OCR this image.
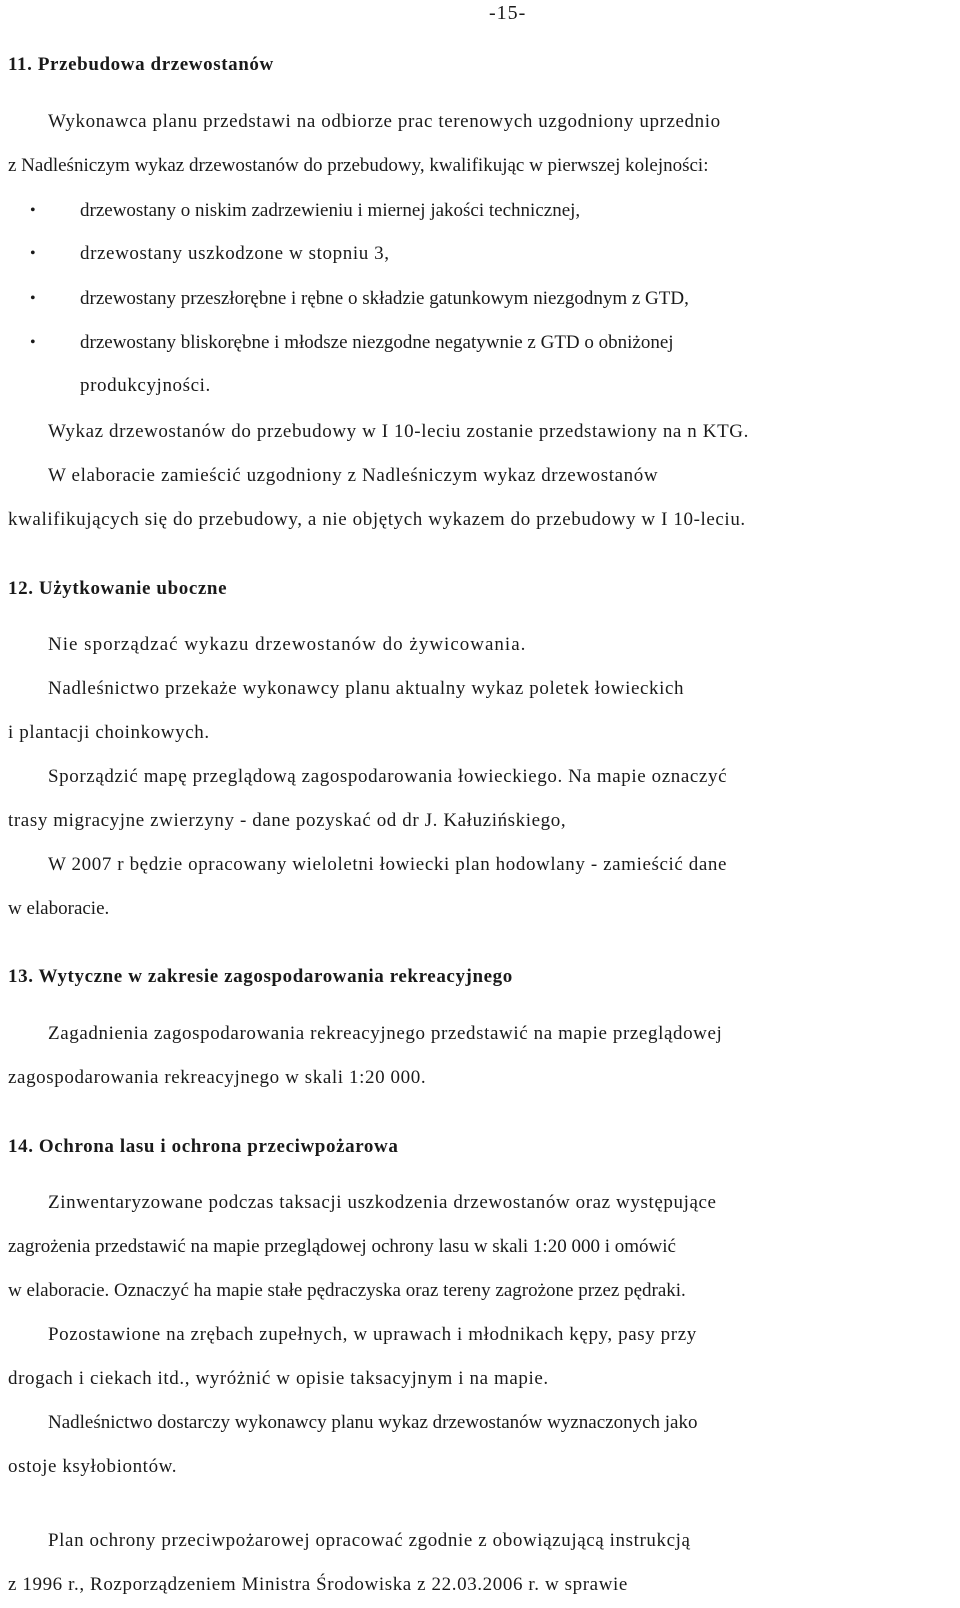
-15-
11. Przebudowa drzewostanów
Wykonawca planu przedstawi na odbiorze prac terenowych uzgodniony uprzednio
z Nadleśniczym wykaz drzewostanów do przebudowy, kwalifikując w pierwszej kolejności:
• drzewostany o niskim zadrzewieniu i miernej jakości technicznej,
• drzewostany uszkodzone w stopniu 3,
• drzewostany przeszłorębne i rębne o składzie gatunkowym niezgodnym z GTD,
• drzewostany bliskorębne i młodsze niezgodne negatywnie z GTD o obniżonej
produkcyjności.
Wykaz drzewostanów do przebudowy w I 10-leciu zostanie przedstawiony na n KTG.
W elaboracie zamieścić uzgodniony z Nadleśniczym wykaz drzewostanów
kwalifikujących się do przebudowy, a nie objętych wykazem do przebudowy w I 10-leciu.
12. Użytkowanie uboczne
Nie sporządzać wykazu drzewostanów do żywicowania.
Nadleśnictwo przekaże wykonawcy planu aktualny wykaz poletek łowieckich
i plantacji choinkowych.
Sporządzić mapę przeglądową zagospodarowania łowieckiego. Na mapie oznaczyć
trasy migracyjne zwierzyny - dane pozyskać od dr J. Kałuzińskiego,
W 2007 r będzie opracowany wieloletni łowiecki plan hodowlany - zamieścić dane
w elaboracie.
13. Wytyczne w zakresie zagospodarowania rekreacyjnego
Zagadnienia zagospodarowania rekreacyjnego przedstawić na mapie przeglądowej
zagospodarowania rekreacyjnego w skali 1:20 000.
14. Ochrona lasu i ochrona przeciwpożarowa
Zinwentaryzowane podczas taksacji uszkodzenia drzewostanów oraz występujące
zagrożenia przedstawić na mapie przeglądowej ochrony lasu w skali 1:20 000 i omówić
w elaboracie. Oznaczyć ha mapie stałe pędraczyska oraz tereny zagrożone przez pędraki.
Pozostawione na zrębach zupełnych, w uprawach i młodnikach kępy, pasy przy
drogach i ciekach itd., wyróżnić w opisie taksacyjnym i na mapie.
Nadleśnictwo dostarczy wykonawcy planu wykaz drzewostanów wyznaczonych jako
ostoje ksyłobiontów.
Plan ochrony przeciwpożarowej opracować zgodnie z obowiązującą instrukcją
z 1996 r., Rozporządzeniem Ministra Środowiska z 22.03.2006 r. w sprawie
